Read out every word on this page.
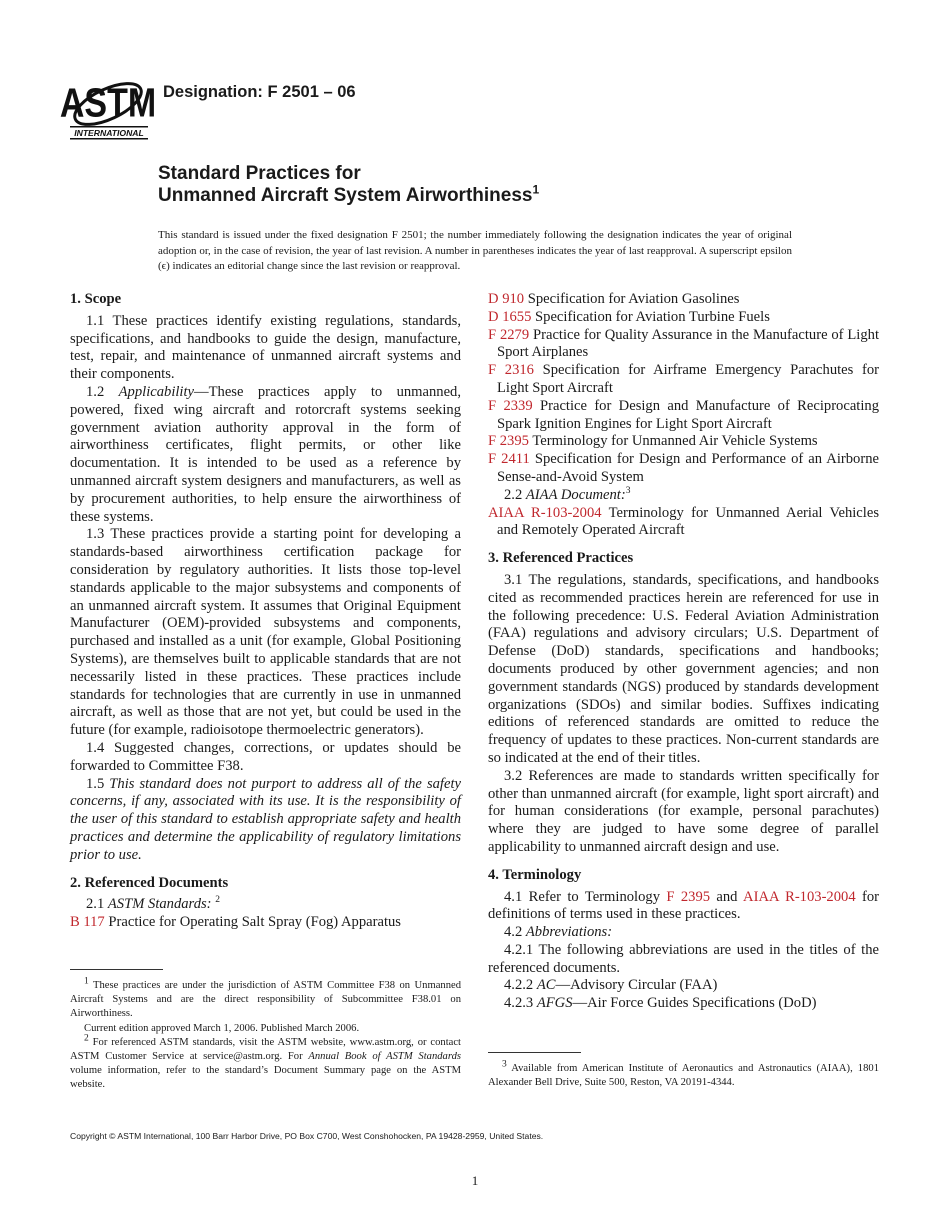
ASTM
INTERNATIONAL
Designation: F 2501 – 06
Standard Practices for
Unmanned Aircraft System Airworthiness$^1$
This standard is issued under the fixed designation F 2501; the number immediately following the designation indicates the year of original adoption or, in the case of revision, the year of last revision. A number in parentheses indicates the year of last reapproval. A superscript epsilon (ϵ) indicates an editorial change since the last revision or reapproval.
1. Scope
1.1 These practices identify existing regulations, standards, specifications, and handbooks to guide the design, manufacture, test, repair, and maintenance of unmanned aircraft systems and their components.
1.2 Applicability—These practices apply to unmanned, powered, fixed wing aircraft and rotorcraft systems seeking government aviation authority approval in the form of airworthiness certificates, flight permits, or other like documentation. It is intended to be used as a reference by unmanned aircraft system designers and manufacturers, as well as by procurement authorities, to help ensure the airworthiness of these systems.
1.3 These practices provide a starting point for developing a standards-based airworthiness certification package for consideration by regulatory authorities. It lists those top-level standards applicable to the major subsystems and components of an unmanned aircraft system. It assumes that Original Equipment Manufacturer (OEM)-provided subsystems and components, purchased and installed as a unit (for example, Global Positioning Systems), are themselves built to applicable standards that are not necessarily listed in these practices. These practices include standards for technologies that are currently in use in unmanned aircraft, as well as those that are not yet, but could be used in the future (for example, radioisotope thermoelectric generators).
1.4 Suggested changes, corrections, or updates should be forwarded to Committee F38.
1.5 This standard does not purport to address all of the safety concerns, if any, associated with its use. It is the responsibility of the user of this standard to establish appropriate safety and health practices and determine the applicability of regulatory limitations prior to use.
2. Referenced Documents
2.1 ASTM Standards: $^2$
B 117 Practice for Operating Salt Spray (Fog) Apparatus
D 910 Specification for Aviation Gasolines
D 1655 Specification for Aviation Turbine Fuels
F 2279 Practice for Quality Assurance in the Manufacture of Light Sport Airplanes
F 2316 Specification for Airframe Emergency Parachutes for Light Sport Aircraft
F 2339 Practice for Design and Manufacture of Reciprocating Spark Ignition Engines for Light Sport Aircraft
F 2395 Terminology for Unmanned Air Vehicle Systems
F 2411 Specification for Design and Performance of an Airborne Sense-and-Avoid System
2.2 AIAA Document:$^3$
AIAA R-103-2004 Terminology for Unmanned Aerial Vehicles and Remotely Operated Aircraft
3. Referenced Practices
3.1 The regulations, standards, specifications, and handbooks cited as recommended practices herein are referenced for use in the following precedence: U.S. Federal Aviation Administration (FAA) regulations and advisory circulars; U.S. Department of Defense (DoD) standards, specifications and handbooks; documents produced by other government agencies; and non government standards (NGS) produced by standards development organizations (SDOs) and similar bodies. Suffixes indicating editions of referenced standards are omitted to reduce the frequency of updates to these practices. Non-current standards are so indicated at the end of their titles.
3.2 References are made to standards written specifically for other than unmanned aircraft (for example, light sport aircraft) and for human considerations (for example, personal parachutes) where they are judged to have some degree of parallel applicability to unmanned aircraft design and use.
4. Terminology
4.1 Refer to Terminology F 2395 and AIAA R-103-2004 for definitions of terms used in these practices.
4.2 Abbreviations:
4.2.1 The following abbreviations are used in the titles of the referenced documents.
4.2.2 AC—Advisory Circular (FAA)
4.2.3 AFGS—Air Force Guides Specifications (DoD)
$^1$ These practices are under the jurisdiction of ASTM Committee F38 on Unmanned Aircraft Systems and are the direct responsibility of Subcommittee F38.01 on Airworthiness.
Current edition approved March 1, 2006. Published March 2006.
$^2$ For referenced ASTM standards, visit the ASTM website, www.astm.org, or contact ASTM Customer Service at service@astm.org. For Annual Book of ASTM Standards volume information, refer to the standard’s Document Summary page on the ASTM website.
$^3$ Available from American Institute of Aeronautics and Astronautics (AIAA), 1801 Alexander Bell Drive, Suite 500, Reston, VA 20191-4344.
Copyright © ASTM International, 100 Barr Harbor Drive, PO Box C700, West Conshohocken, PA 19428-2959, United States.
1
